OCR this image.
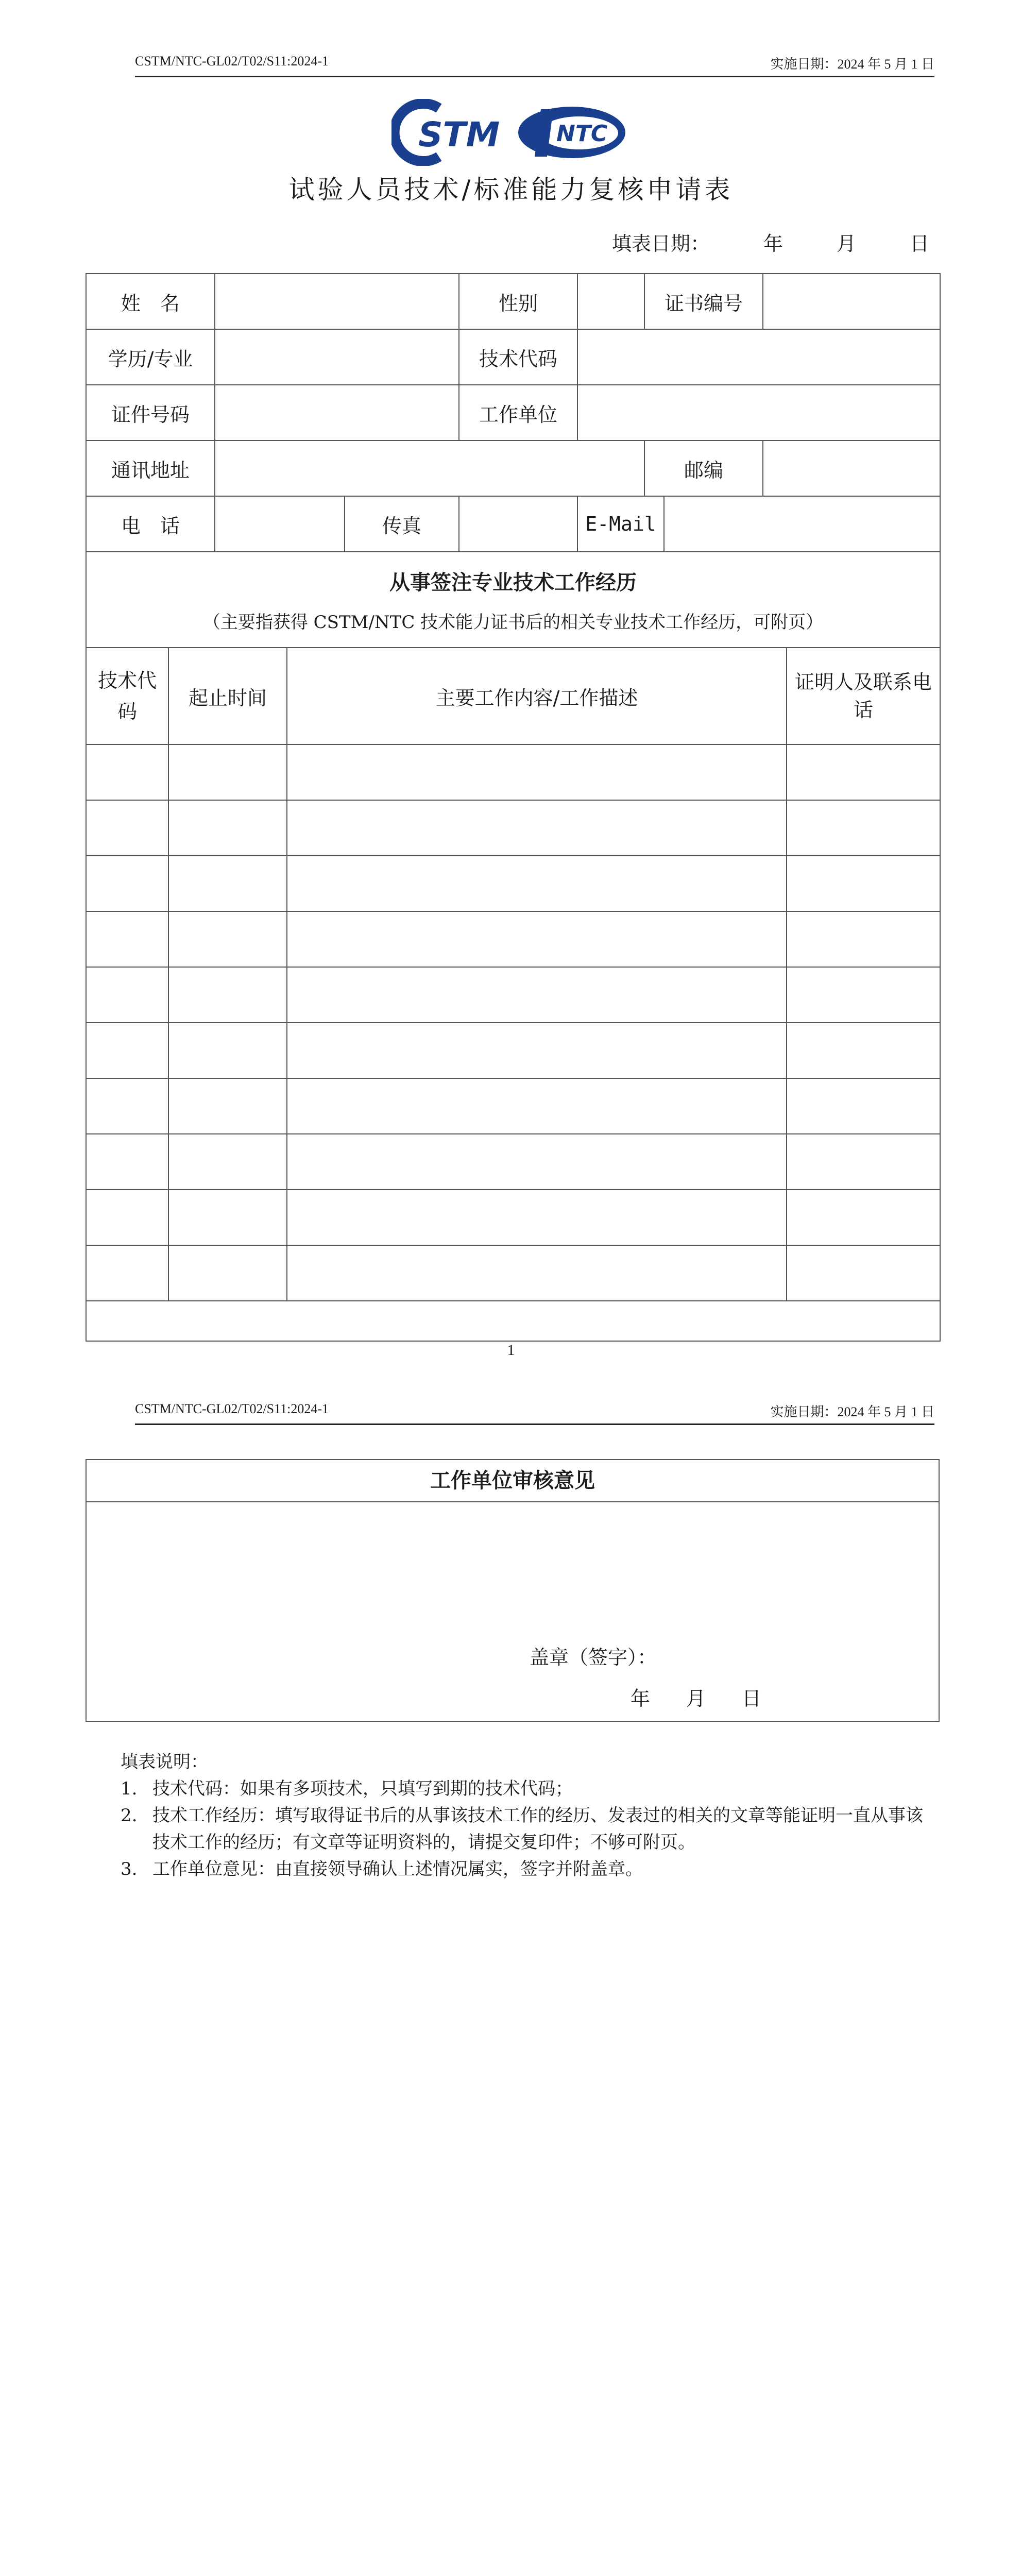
CSTM/NTC-GL02/T02/S11:2024-1	实施日期：2024 年 5 月 1 日
STM NTC
试验人员技术/标准能力复核申请表
填表日期：	年	月	日
姓　名			性别		证书编号		
学历/专业			技术代码				
证件号码			工作单位				
通讯地址					邮编		
电　话		传真		E-Mail			
从事签注专业技术工作经历
（主要指获得 CSTM/NTC 技术能力证书后的相关专业技术工作经历，可附页）			

技术代码	起止时间	主要工作内容/工作描述	证明人及联系电话

1
CSTM/NTC-GL02/T02/S11:2024-1	实施日期：2024 年 5 月 1 日
工作单位审核意见
盖章（签字）：
年 月 日
填表说明：
1. 技术代码：如果有多项技术，只填写到期的技术代码；
2. 技术工作经历：填写取得证书后的从事该技术工作的经历、发表过的相关的文章等能证明一直从事该技术工作的经历；有文章等证明资料的，请提交复印件；不够可附页。
3. 工作单位意见：由直接领导确认上述情况属实，签字并附盖章。
